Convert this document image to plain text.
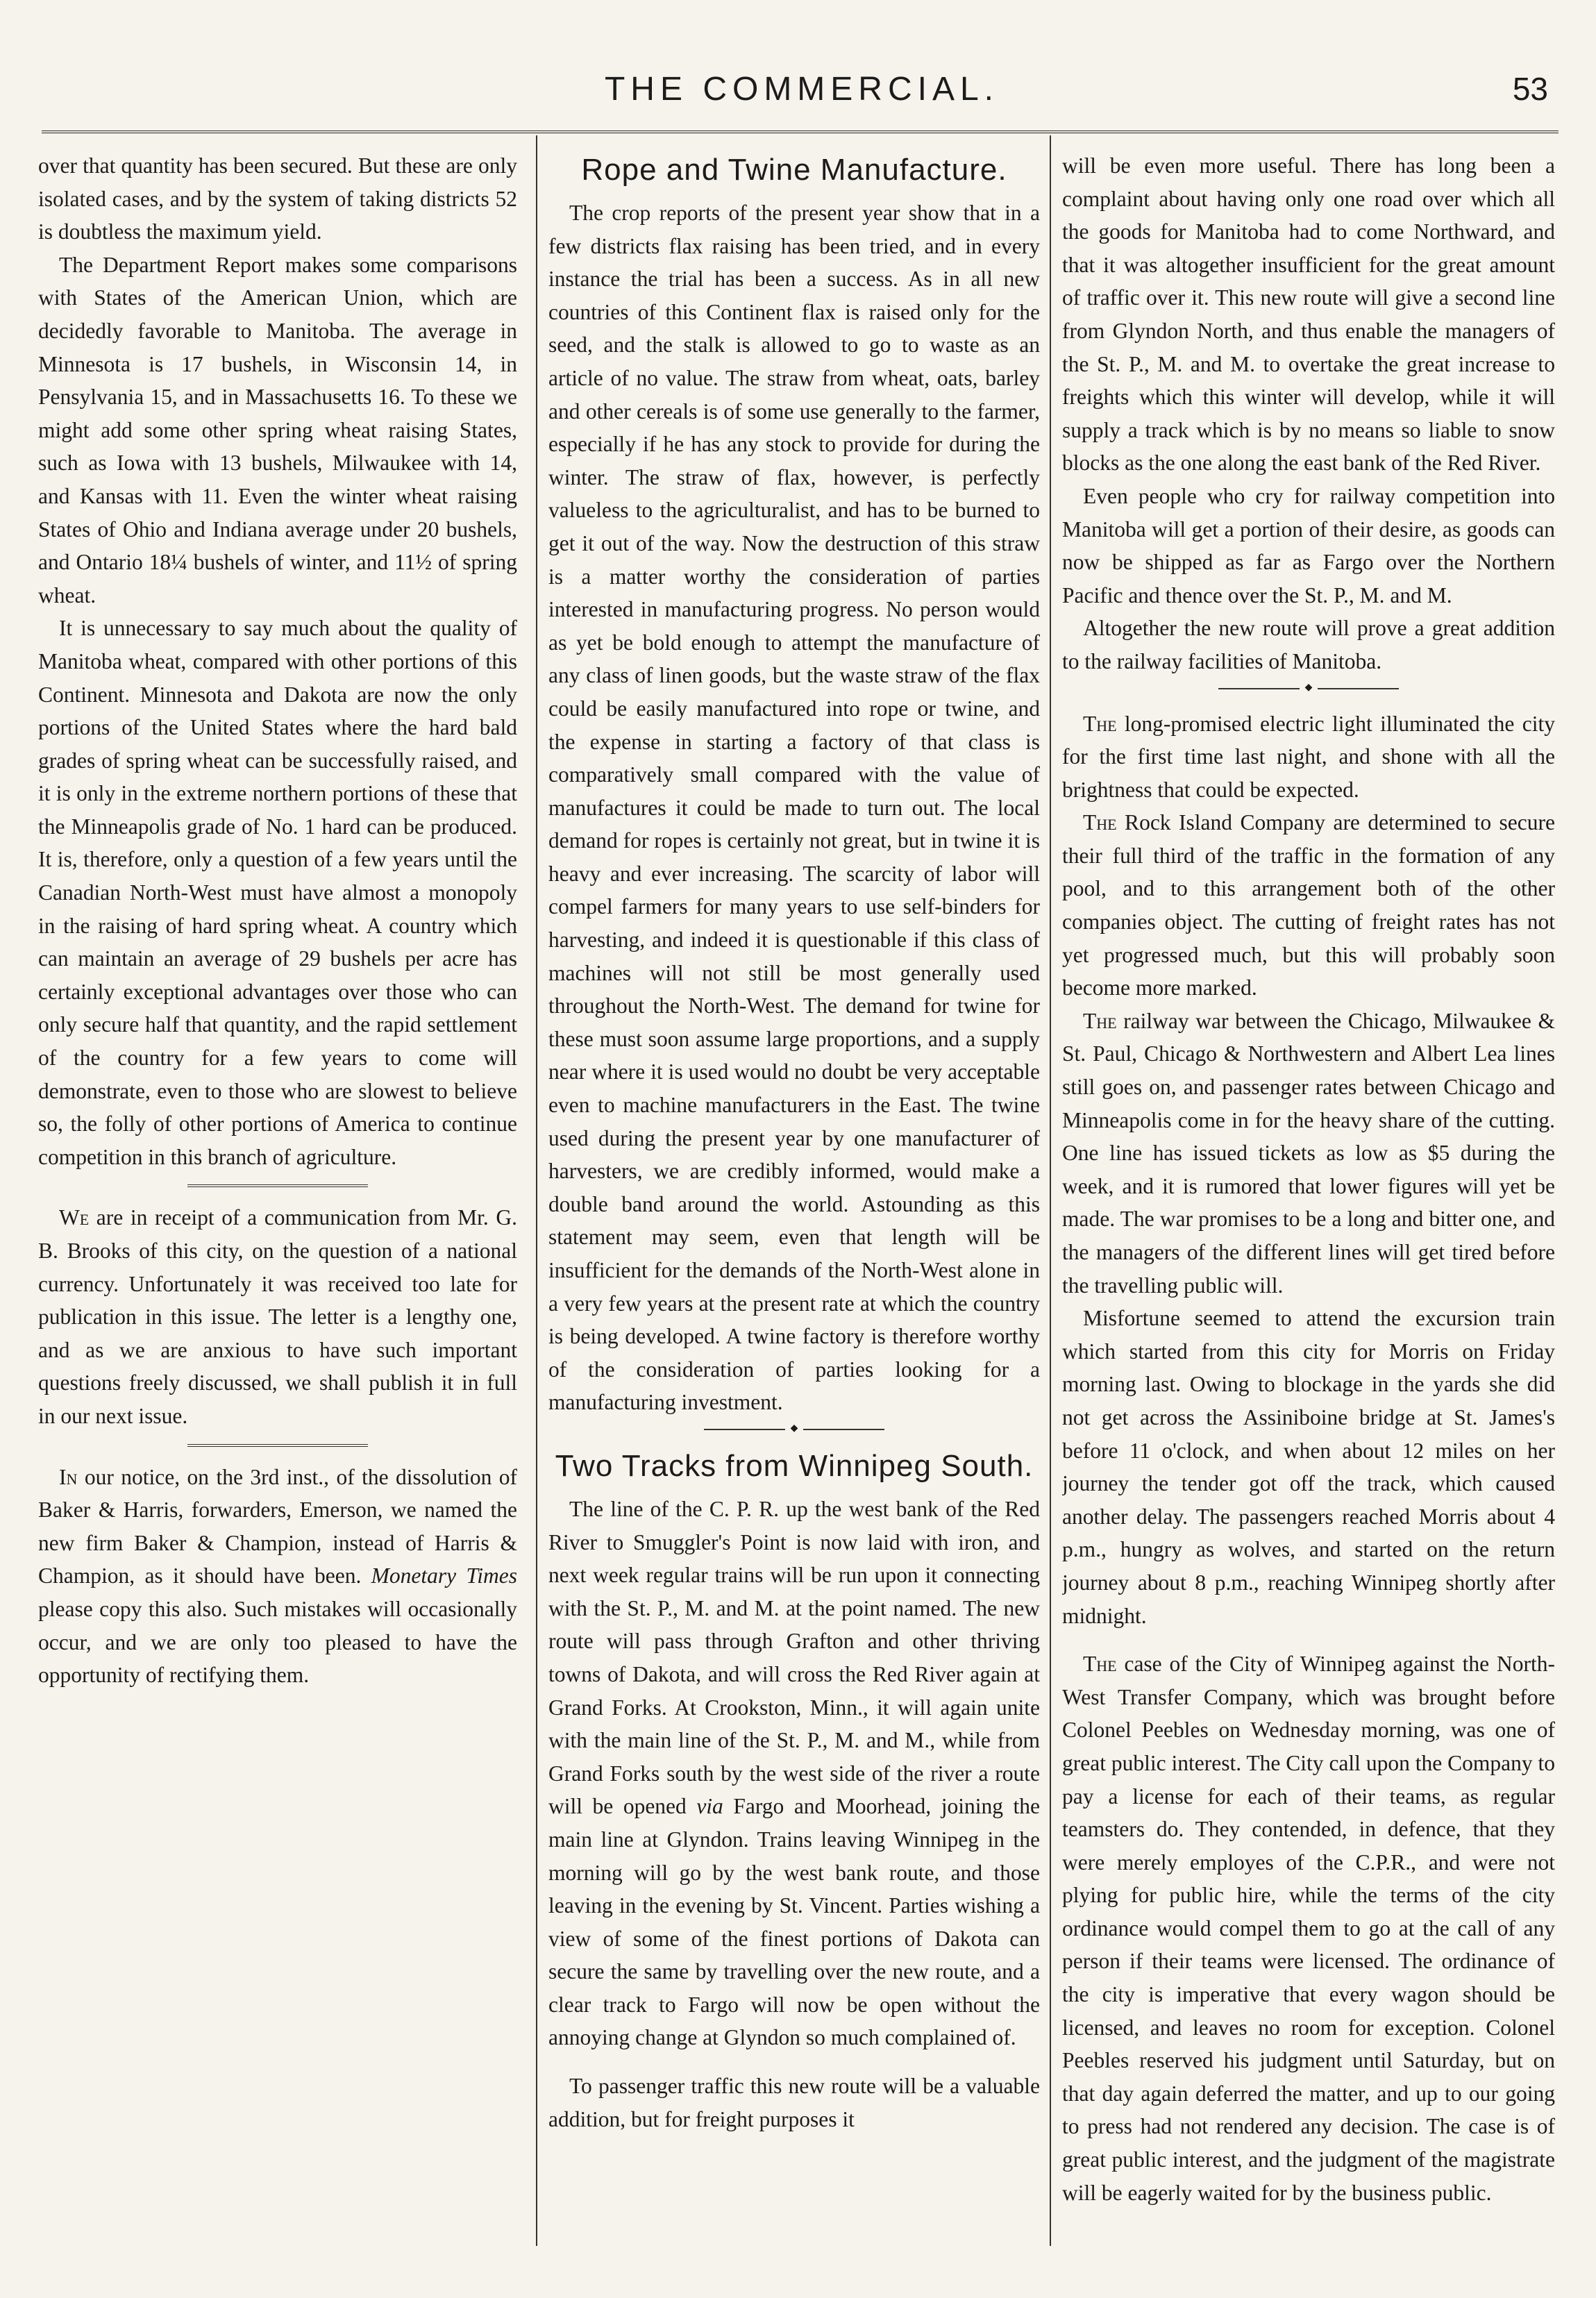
THE COMMERCIAL.	53

over that quantity has been secured. But these are only isolated cases, and by the system of taking districts 52 is doubtless the maximum yield.

The Department Report makes some comparisons with States of the American Union, which are decidedly favorable to Manitoba. The average in Minnesota is 17 bushels, in Wisconsin 14, in Pensylvania 15, and in Massachusetts 16. To these we might add some other spring wheat raising States, such as Iowa with 13 bushels, Milwaukee with 14, and Kansas with 11. Even the winter wheat raising States of Ohio and Indiana average under 20 bushels, and Ontario 18¼ bushels of winter, and 11½ of spring wheat.

It is unnecessary to say much about the quality of Manitoba wheat, compared with other portions of this Continent. Minnesota and Dakota are now the only portions of the United States where the hard bald grades of spring wheat can be successfully raised, and it is only in the extreme northern portions of these that the Minneapolis grade of No. 1 hard can be produced. It is, therefore, only a question of a few years until the Canadian North-West must have almost a monopoly in the raising of hard spring wheat. A country which can maintain an average of 29 bushels per acre has certainly exceptional advantages over those who can only secure half that quantity, and the rapid settlement of the country for a few years to come will demonstrate, even to those who are slowest to believe so, the folly of other portions of America to continue competition in this branch of agriculture.

We are in receipt of a communication from Mr. G. B. Brooks of this city, on the question of a national currency. Unfortunately it was received too late for publication in this issue. The letter is a lengthy one, and as we are anxious to have such important questions freely discussed, we shall publish it in full in our next issue.

In our notice, on the 3rd inst., of the dissolution of Baker & Harris, forwarders, Emerson, we named the new firm Baker & Champion, instead of Harris & Champion, as it should have been. Monetary Times please copy this also. Such mistakes will occasionally occur, and we are only too pleased to have the opportunity of rectifying them.

Rope and Twine Manufacture.

The crop reports of the present year show that in a few districts flax raising has been tried, and in every instance the trial has been a success. As in all new countries of this Continent flax is raised only for the seed, and the stalk is allowed to go to waste as an article of no value. The straw from wheat, oats, barley and other cereals is of some use generally to the farmer, especially if he has any stock to provide for during the winter. The straw of flax, however, is perfectly valueless to the agriculturalist, and has to be burned to get it out of the way. Now the destruction of this straw is a matter worthy the consideration of parties interested in manufacturing progress. No person would as yet be bold enough to attempt the manufacture of any class of linen goods, but the waste straw of the flax could be easily manufactured into rope or twine, and the expense in starting a factory of that class is comparatively small compared with the value of manufactures it could be made to turn out. The local demand for ropes is certainly not great, but in twine it is heavy and ever increasing. The scarcity of labor will compel farmers for many years to use self-binders for harvesting, and indeed it is questionable if this class of machines will not still be most generally used throughout the North-West. The demand for twine for these must soon assume large proportions, and a supply near where it is used would no doubt be very acceptable even to machine manufacturers in the East. The twine used during the present year by one manufacturer of harvesters, we are credibly informed, would make a double band around the world. Astounding as this statement may seem, even that length will be insufficient for the demands of the North-West alone in a very few years at the present rate at which the country is being developed. A twine factory is therefore worthy of the consideration of parties looking for a manufacturing investment.

◆
Two Tracks from Winnipeg South.

The line of the C. P. R. up the west bank of the Red River to Smuggler's Point is now laid with iron, and next week regular trains will be run upon it connecting with the St. P., M. and M. at the point named. The new route will pass through Grafton and other thriving towns of Dakota, and will cross the Red River again at Grand Forks. At Crookston, Minn., it will again unite with the main line of the St. P., M. and M., while from Grand Forks south by the west side of the river a route will be opened via Fargo and Moorhead, joining the main line at Glyndon. Trains leaving Winnipeg in the morning will go by the west bank route, and those leaving in the evening by St. Vincent. Parties wishing a view of some of the finest portions of Dakota can secure the same by travelling over the new route, and a clear track to Fargo will now be open without the annoying change at Glyndon so much complained of.

To passenger traffic this new route will be a valuable addition, but for freight purposes it

will be even more useful. There has long been a complaint about having only one road over which all the goods for Manitoba had to come Northward, and that it was altogether insufficient for the great amount of traffic over it. This new route will give a second line from Glyndon North, and thus enable the managers of the St. P., M. and M. to overtake the great increase to freights which this winter will develop, while it will supply a track which is by no means so liable to snow blocks as the one along the east bank of the Red River.

Even people who cry for railway competition into Manitoba will get a portion of their desire, as goods can now be shipped as far as Fargo over the Northern Pacific and thence over the St. P., M. and M.

Altogether the new route will prove a great addition to the railway facilities of Manitoba.

◆

The long-promised electric light illuminated the city for the first time last night, and shone with all the brightness that could be expected.

The Rock Island Company are determined to secure their full third of the traffic in the formation of any pool, and to this arrangement both of the other companies object. The cutting of freight rates has not yet progressed much, but this will probably soon become more marked.

The railway war between the Chicago, Milwaukee & St. Paul, Chicago & Northwestern and Albert Lea lines still goes on, and passenger rates between Chicago and Minneapolis come in for the heavy share of the cutting. One line has issued tickets as low as $5 during the week, and it is rumored that lower figures will yet be made. The war promises to be a long and bitter one, and the managers of the different lines will get tired before the travelling public will.

Misfortune seemed to attend the excursion train which started from this city for Morris on Friday morning last. Owing to blockage in the yards she did not get across the Assiniboine bridge at St. James's before 11 o'clock, and when about 12 miles on her journey the tender got off the track, which caused another delay. The passengers reached Morris about 4 p.m., hungry as wolves, and started on the return journey about 8 p.m., reaching Winnipeg shortly after midnight.

The case of the City of Winnipeg against the North-West Transfer Company, which was brought before Colonel Peebles on Wednesday morning, was one of great public interest. The City call upon the Company to pay a license for each of their teams, as regular teamsters do. They contended, in defence, that they were merely employes of the C.P.R., and were not plying for public hire, while the terms of the city ordinance would compel them to go at the call of any person if their teams were licensed. The ordinance of the city is imperative that every wagon should be licensed, and leaves no room for exception. Colonel Peebles reserved his judgment until Saturday, but on that day again deferred the matter, and up to our going to press had not rendered any decision. The case is of great public interest, and the judgment of the magistrate will be eagerly waited for by the business public.
